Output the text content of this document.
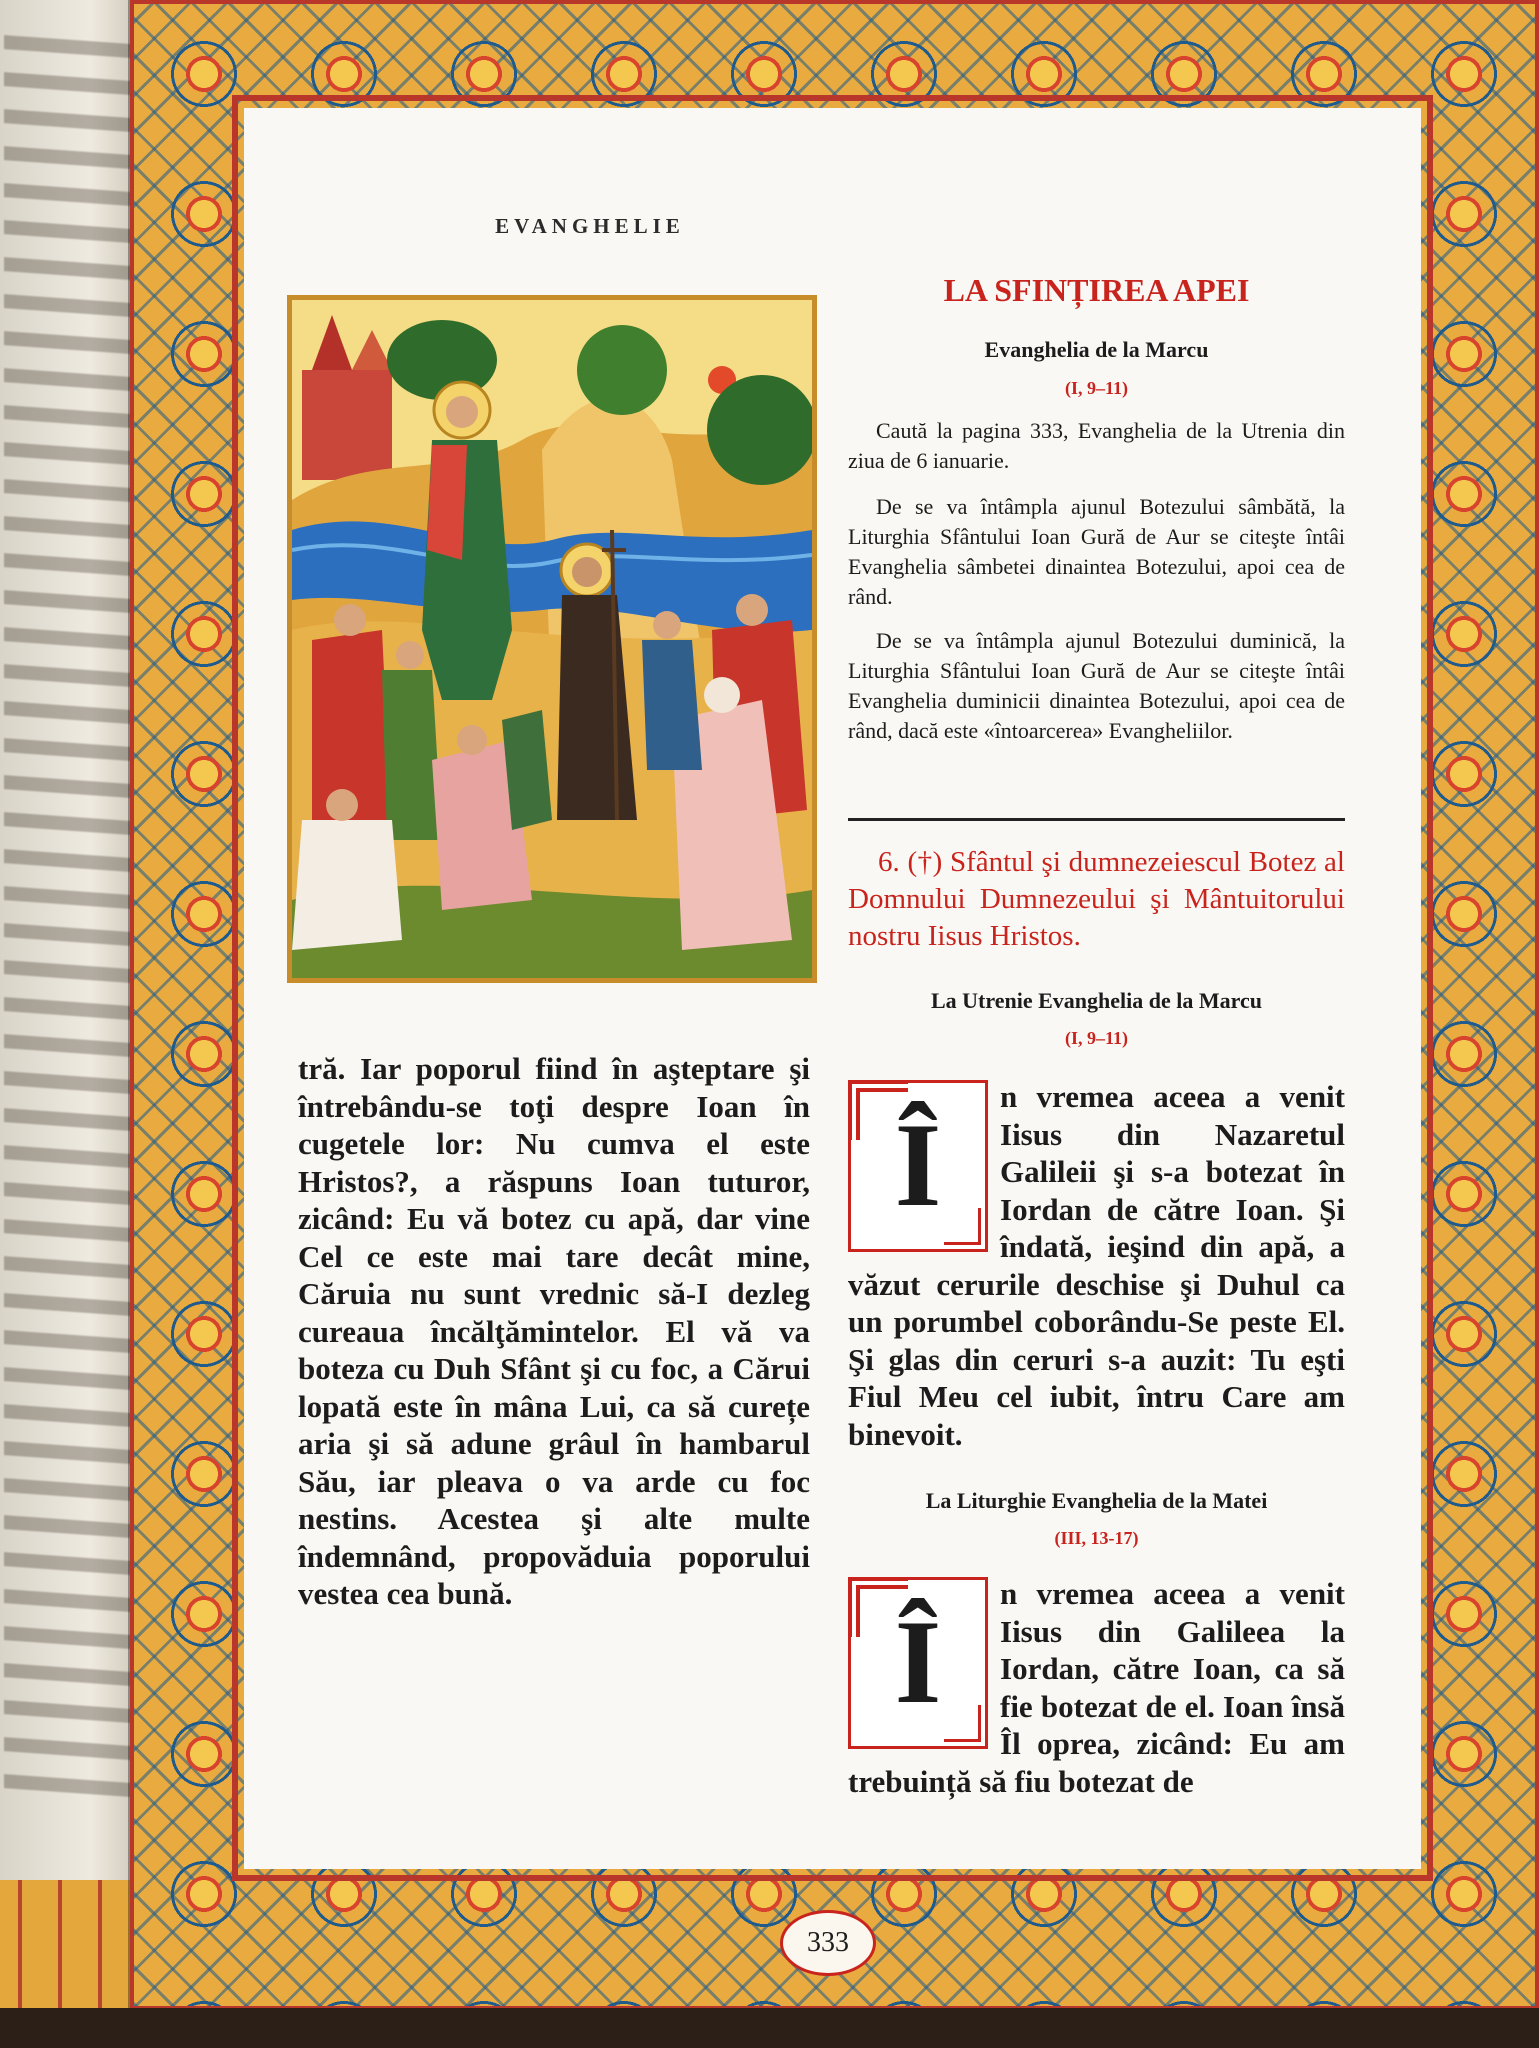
EVANGHELIE
LA SFINȚIREA APEI
Evanghelia de la Marcu
(I, 9–11)

Caută la pagina 333, Evanghelia de la Utrenia din ziua de 6 ianuarie.

De se va întâmpla ajunul Botezului sâmbătă, la Liturghia Sfântului Ioan Gură de Aur se citeşte întâi Evanghelia sâmbetei dinaintea Botezului, apoi cea de rând.

De se va întâmpla ajunul Botezului duminică, la Liturghia Sfântului Ioan Gură de Aur se citeşte întâi Evanghelia duminicii dinaintea Botezului, apoi cea de rând, dacă este «întoarcerea» Evangheliilor.

6. (†) Sfântul şi dumnezeiescul Botez al Domnului Dumnezeului şi Mântuitorului nostru Iisus Hristos.

tră. Iar poporul fiind în aşteptare şi întrebându-se toţi despre Ioan în cugetele lor: Nu cumva el este Hristos?, a răspuns Ioan tuturor, zicând: Eu vă botez cu apă, dar vine Cel ce este mai tare decât mine, Căruia nu sunt vrednic să-I dezleg cureaua încălţămintelor. El vă va boteza cu Duh Sfânt şi cu foc, a Cărui lopată este în mâna Lui, ca să curețe aria şi să adune grâul în hambarul Său, iar pleava o va arde cu foc nestins. Acestea şi alte multe îndemnând, propovăduia poporului vestea cea bună.

La Utrenie Evanghelia de la Marcu
(I, 9–11)
Î

n vremea aceea a venit Iisus din Nazaretul Galileii şi s-a botezat în Iordan de către Ioan. Şi îndată, ieşind din apă, a văzut cerurile deschise şi Duhul ca un porumbel coborându-Se peste El. Şi glas din ceruri s-a auzit: Tu eşti Fiul Meu cel iubit, întru Care am binevoit.

La Liturghie Evanghelia de la Matei
(III, 13-17)
Î

n vremea aceea a venit Iisus din Galileea la Iordan, către Ioan, ca să fie botezat de el. Ioan însă Îl oprea, zicând: Eu am trebuință să fiu botezat de

333
